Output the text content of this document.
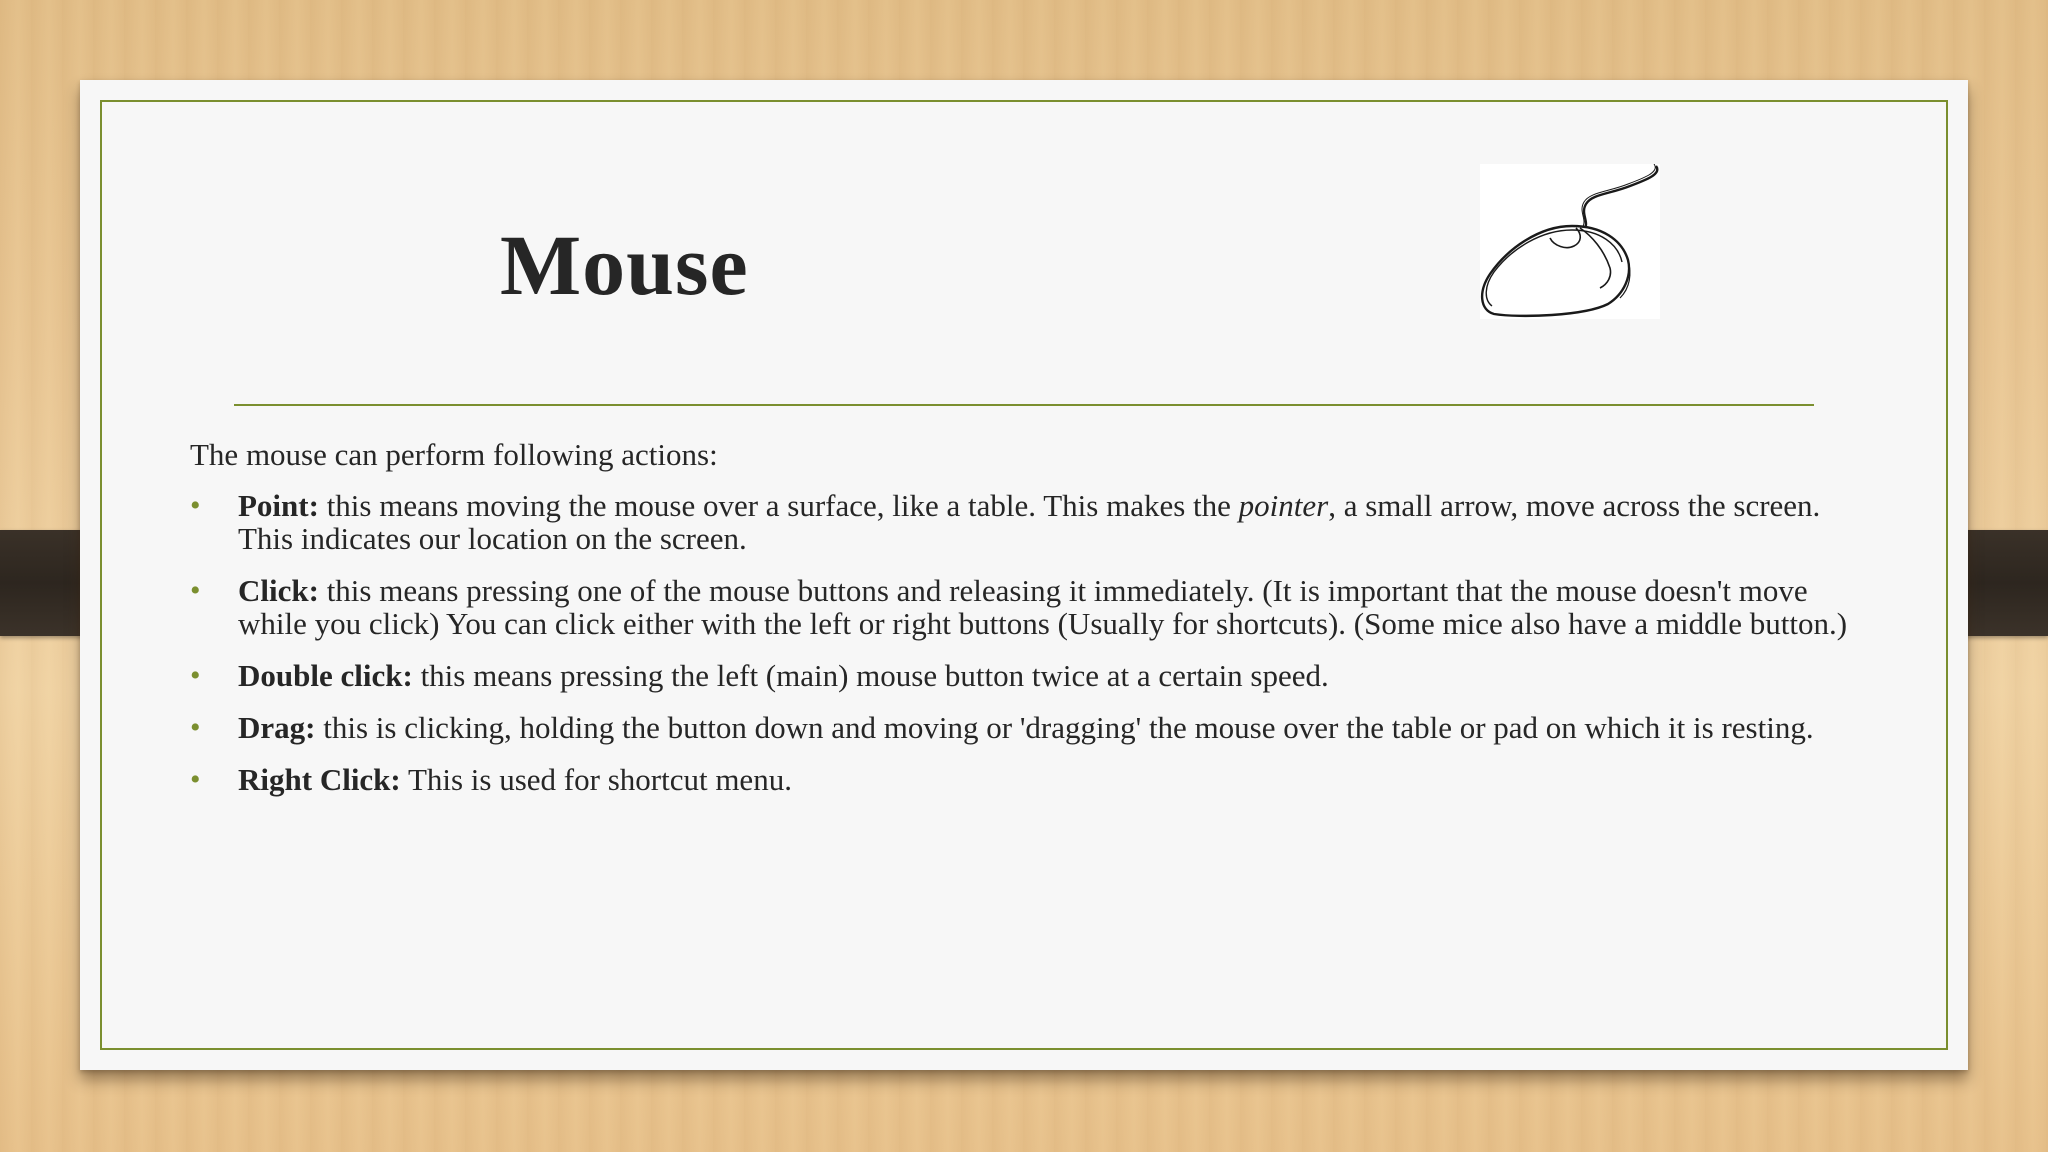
Mouse

The mouse can perform following actions:

• Point: this means moving the mouse over a surface, like a table. This makes the pointer, a small arrow, move across the screen. This indicates our location on the screen.
• Click: this means pressing one of the mouse buttons and releasing it immediately. (It is important that the mouse doesn't move while you click) You can click either with the left or right buttons (Usually for shortcuts). (Some mice also have a middle button.)
• Double click: this means pressing the left (main) mouse button twice at a certain speed.
• Drag: this is clicking, holding the button down and moving or 'dragging' the mouse over the table or pad on which it is resting.
• Right Click: This is used for shortcut menu.
